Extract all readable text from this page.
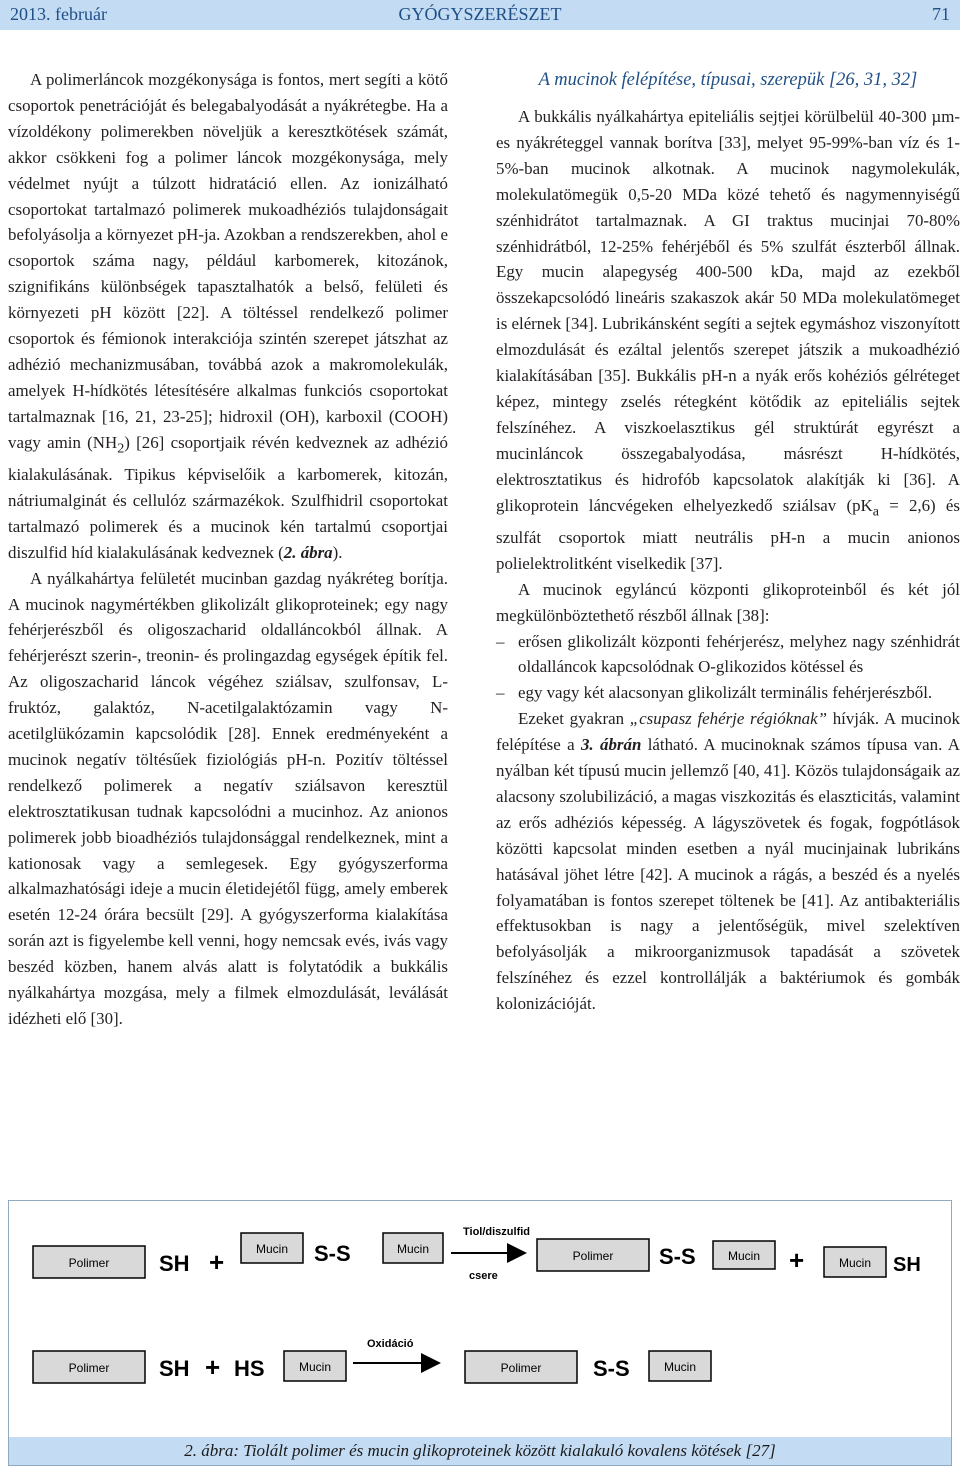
2013. február	GYÓGYSZERÉSZET	71

A polimerláncok mozgékonysága is fontos, mert segíti a kötő csoportok penetrációját és belegabalyodását a nyákrétegbe. Ha a vízoldékony polimerekben növeljük a keresztkötések számát, akkor csökkeni fog a polimer láncok mozgékonysága, mely védelmet nyújt a túlzott hidratáció ellen. Az ionizálható csoportokat tartalmazó polimerek mukoadhéziós tulajdonságait befolyásolja a környezet pH-ja. Azokban a rendszerekben, ahol e csoportok száma nagy, például karbomerek, kitozánok, szignifikáns különbségek tapasztalhatók a belső, felületi és környezeti pH között [22]. A töltéssel rendelkező polimer csoportok és fémionok interakciója szintén szerepet játszhat az adhézió mechanizmusában, továbbá azok a makromolekulák, amelyek H-hídkötés létesítésére alkalmas funkciós csoportokat tartalmaznak [16, 21, 23-25]; hidroxil (OH), karboxil (COOH) vagy amin $(NH_2)$ [26] csoportjaik révén kedveznek az adhézió kialakulásának. Tipikus képviselőik a karbomerek, kitozán, nátriumalginát és cellulóz származékok. Szulfhidril csoportokat tartalmazó polimerek és a mucinok kén tartalmú csoportjai diszulfid híd kialakulásának kedveznek (2. ábra).

A nyálkahártya felületét mucinban gazdag nyákréteg borítja. A mucinok nagymértékben glikolizált glikoproteinek; egy nagy fehérjerészből és oligoszacharid oldalláncokból állnak. A fehérjerészt szerin-, treonin- és prolingazdag egységek építik fel. Az oligoszacharid láncok végéhez sziálsav, szulfonsav, L-fruktóz, galaktóz, N-acetilgalaktózamin vagy N-acetilglükózamin kapcsolódik [28]. Ennek eredményeként a mucinok negatív töltésűek fiziológiás pH-n. Pozitív töltéssel rendelkező polimerek a negatív sziálsavon keresztül elektrosztatikusan tudnak kapcsolódni a mucinhoz. Az anionos polimerek jobb bioadhéziós tulajdonsággal rendelkeznek, mint a kationosak vagy a semlegesek. Egy gyógyszerforma alkalmazhatósági ideje a mucin életidejétől függ, amely emberek esetén 12-24 órára becsült [29]. A gyógyszerforma kialakítása során azt is figyelembe kell venni, hogy nemcsak evés, ivás vagy beszéd közben, hanem alvás alatt is folytatódik a bukkális nyálkahártya mozgása, mely a filmek elmozdulását, leválását idézheti elő [30].

A mucinok felépítése, típusai, szerepük [26, 31, 32]

A bukkális nyálkahártya epiteliális sejtjei körülbelül 40-300 µm-es nyákréteggel vannak borítva [33], melyet 95-99%-ban víz és 1-5%-ban mucinok alkotnak. A mucinok nagymolekulák, molekulatömegük 0,5-20 MDa közé tehető és nagymennyiségű szénhidrátot tartalmaznak. A GI traktus mucinjai 70-80% szénhidrátból, 12-25% fehérjéből és 5% szulfát észterből állnak. Egy mucin alapegység 400-500 kDa, majd az ezekből összekapcsolódó lineáris szakaszok akár 50 MDa molekulatömeget is elérnek [34]. Lubrikánsként segíti a sejtek egymáshoz viszonyított elmozdulását és ezáltal jelentős szerepet játszik a mukoadhézió kialakításában [35]. Bukkális pH-n a nyák erős kohéziós gélréteget képez, mintegy zselés rétegként kötődik az epiteliális sejtek felszínéhez. A viszkoelasztikus gél struktúrát egyrészt a mucinláncok összegabalyodása, másrészt H-hídkötés, elektrosztatikus és hidrofób kapcsolatok alakítják ki [36]. A glikoprotein láncvégeken elhelyezkedő sziálsav $(pK_a = 2,6)$ és szulfát csoportok miatt neutrális pH-n a mucin anionos polielektrolitként viselkedik [37].

A mucinok egyláncú központi glikoproteinből és két jól megkülönböztethető részből állnak [38]:

– erősen glikolizált központi fehérjerész, melyhez nagy szénhidrát oldalláncok kapcsolódnak O-glikozidos kötéssel és

– egy vagy két alacsonyan glikolizált terminális fehérjerészből.

Ezeket gyakran „csupasz fehérje régióknak” hívják. A mucinok felépítése a 3. ábrán látható. A mucinoknak számos típusa van. A nyálban két típusú mucin jellemző [40, 41]. Közös tulajdonságaik az alacsony szolubilizáció, a magas viszkozitás és elaszticitás, valamint az erős adhéziós képesség. A lágyszövetek és fogak, fogpótlások közötti kapcsolat minden esetben a nyál mucinjainak lubrikáns hatásával jöhet létre [42]. A mucinok a rágás, a beszéd és a nyelés folyamatában is fontos szerepet töltenek be [41]. Az antibakteriális effektusokban is nagy a jelentőségük, mivel szelektíven befolyásolják a mikroorganizmusok tapadását a szövetek felszínéhez és ezzel kontrollálják a baktériumok és gombák kolonizációját.

Polimer SH +	Mucin S-S	Mucin
Tiol/diszulfid
csere
Polimer S-S	Mucin +	Mucin SH
Polimer SH + HS	Mucin
Oxidáció
Polimer S-S	Mucin
2. ábra: Tiolált polimer és mucin glikoproteinek között kialakuló kovalens kötések [27]
